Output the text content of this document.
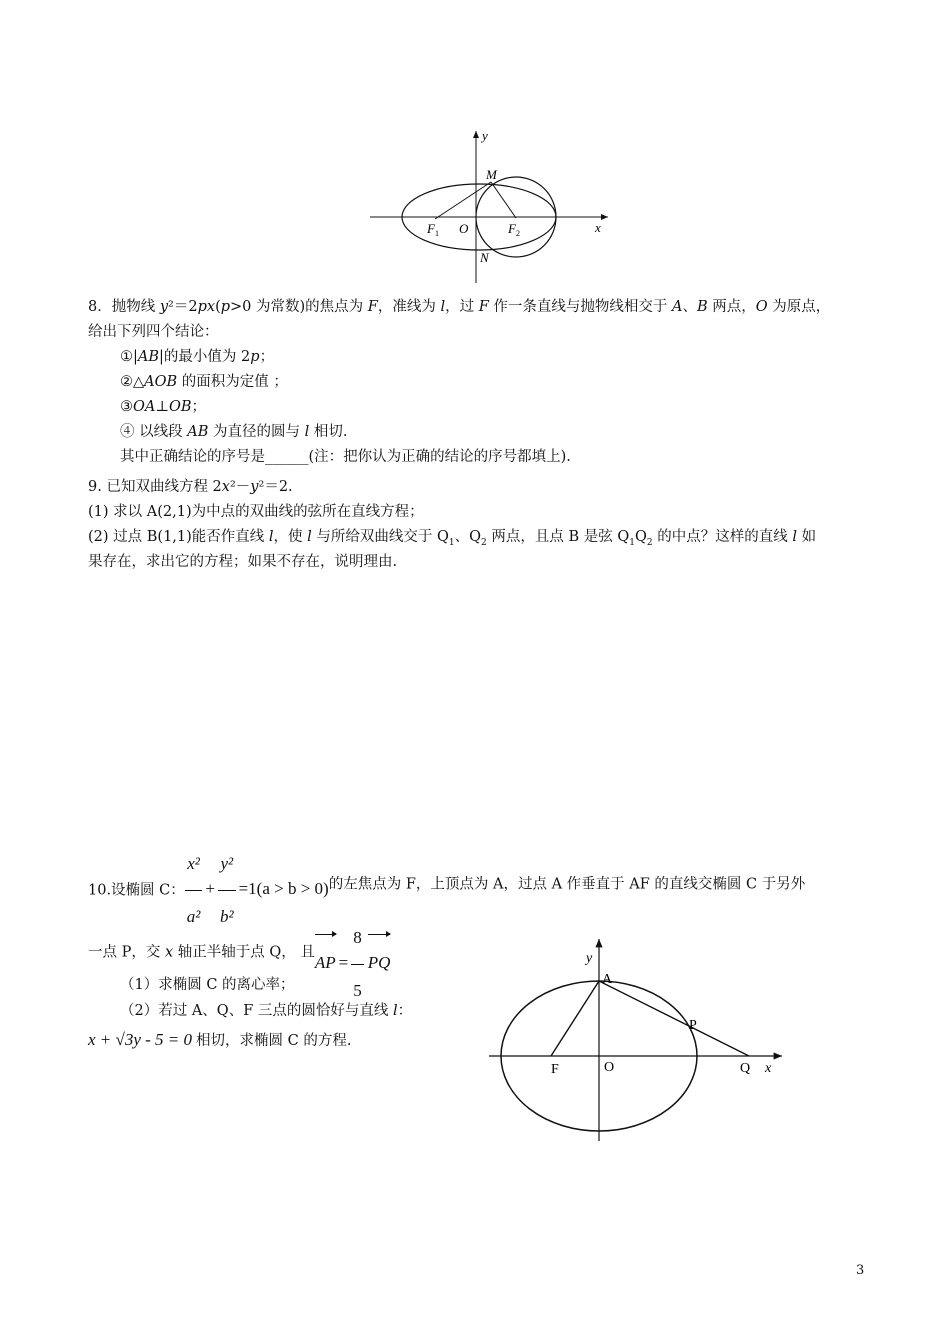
y
x
M
N
O
$F_1$	$F_2$
8．抛物线 y²＝2px(p>0 为常数)的焦点为 F，准线为 l，过 F 作一条直线与抛物线相交于 A、B 两点，O 为原点，
给出下列四个结论：
①|AB|的最小值为 2p；
②△AOB 的面积为定值 ；
③OA⊥OB；
④ 以线段 AB 为直径的圆与 l 相切.
其中正确结论的序号是______(注：把你认为正确的结论的序号都填上).
9. 已知双曲线方程 2x²－y²＝2.
(1) 求以 A(2,1)为中点的双曲线的弦所在直线方程；
(2) 过点 B(1,1)能否作直线 l，使 l 与所给双曲线交于 $Q_1$、$Q_2$ 两点，且点 B 是弦 $Q_1Q_2$ 的中点？这样的直线 l 如
果存在，求出它的方程；如果不存在，说明理由.
10.设椭圆 C： $\frac{\text{x²}}{\text{a²}} + \frac{\text{y²}}{\text{b²}} =1(a > b > 0)$的左焦点为 F，上顶点为 A，过点 A 作垂直于 AF 的直线交椭圆 C 于另外
一点 P，交 x 轴正半轴于点 Q， 且AP = $\frac{8}{5}$ PQ
（1）求椭圆 C 的离心率；
（2）若过 A、Q、F 三点的圆恰好与直线 l：
x + √3y - 5 = 0 相切，求椭圆 C 的方程.
y
A
P
F	O	Q x
3
